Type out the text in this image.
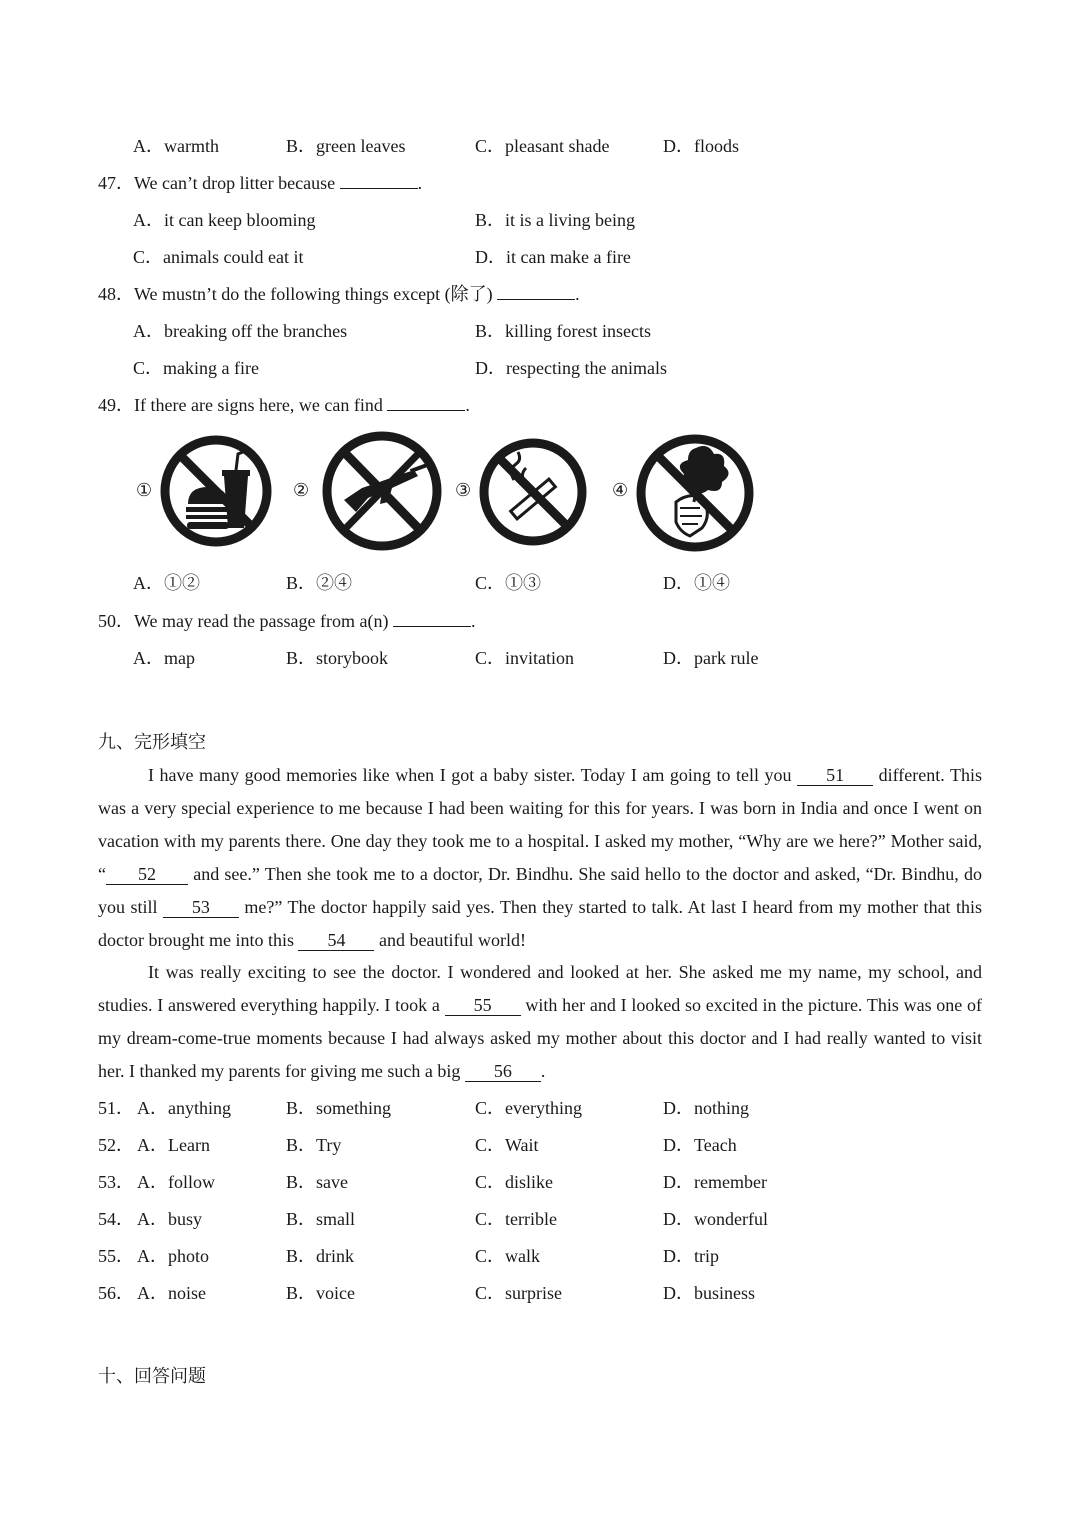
A．warmth	B．green leaves	C．pleasant shade	D．floods
47．We can’t drop litter because	.
A．it can keep blooming	B．it is a living being
C．animals could eat it	D．it can make a fire
48．We mustn’t do the following things except (除了)	.
A．breaking off the branches	B．killing forest insects
C．making a fire	D．respecting the animals
49．If there are signs here, we can find	.
①	②	③	④
A．①②	B．②④	C．①③	D．①④
50．We may read the passage from a(n)	.
A．map	B．storybook	C．invitation	D．park rule
九、完形填空
I have many good memories like when I got a baby sister. Today I am going to tell you 51 different. This was a very special experience to me because I had been waiting for this for years. I was born in India and once I went on vacation with my parents there. One day they took me to a hospital. I asked my mother, “Why are we here?” Mother said, “ 52 and see.” Then she took me to a doctor, Dr. Bindhu. She said hello to the doctor and asked, “Dr. Bindhu, do you still 53 me?” The doctor happily said yes. Then they started to talk. At last I heard from my mother that this doctor brought me into this 54 and beautiful world!
It was really exciting to see the doctor. I wondered and looked at her. She asked me my name, my school, and studies. I answered everything happily. I took a 55 with her and I looked so excited in the picture. This was one of my dream-come-true moments because I had always asked my mother about this doctor and I had really wanted to visit her. I thanked my parents for giving me such a big 56 .
51． A．anything	B．something	C．everything	D．nothing
52． A．Learn	B．Try	C．Wait	D．Teach
53． A．follow	B．save	C．dislike	D．remember
54． A．busy	B．small	C．terrible	D．wonderful
55． A．photo	B．drink	C．walk	D．trip
56． A．noise	B．voice	C．surprise	D．business
十、回答问题
